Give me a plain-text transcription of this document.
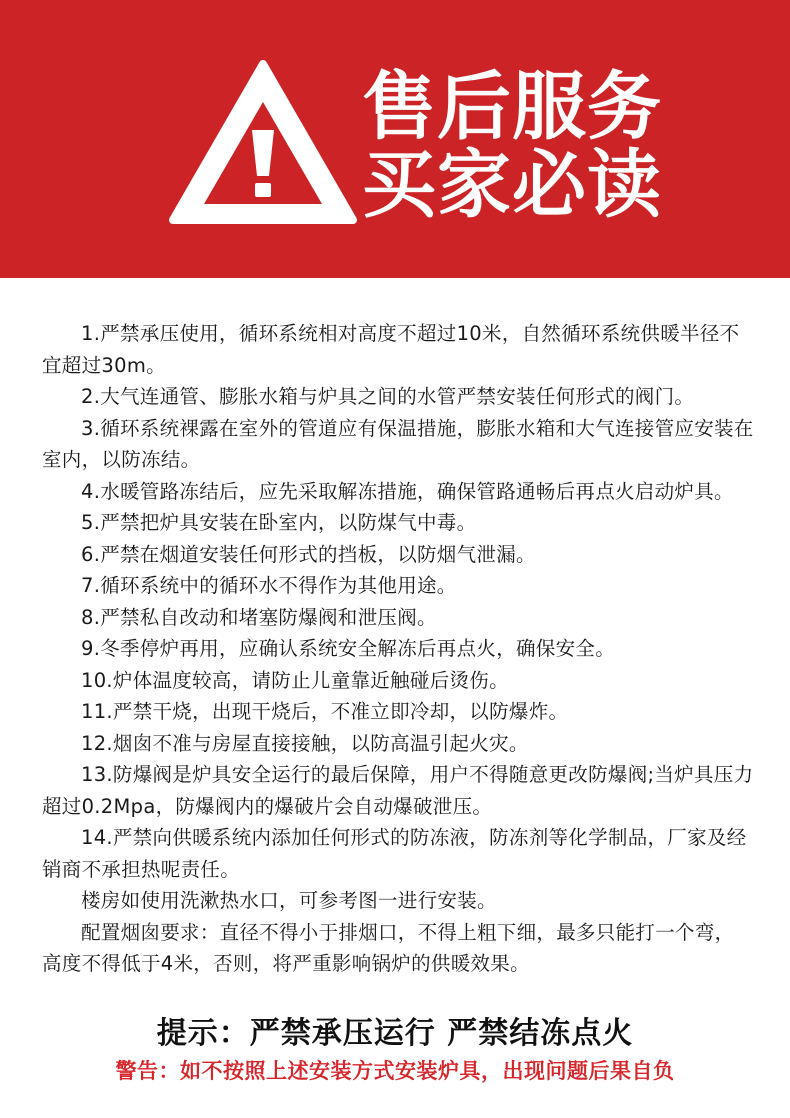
售后服务
买家必读

1.严禁承压使用，循环系统相对高度不超过10米，自然循环系统供暖半径不宜超过30m。

2.大气连通管、膨胀水箱与炉具之间的水管严禁安装任何形式的阀门。

3.循环系统裸露在室外的管道应有保温措施，膨胀水箱和大气连接管应安装在室内，以防冻结。

4.水暖管路冻结后，应先采取解冻措施，确保管路通畅后再点火启动炉具。

5.严禁把炉具安装在卧室内，以防煤气中毒。

6.严禁在烟道安装任何形式的挡板，以防烟气泄漏。

7.循环系统中的循环水不得作为其他用途。

8.严禁私自改动和堵塞防爆阀和泄压阀。

9.冬季停炉再用，应确认系统安全解冻后再点火，确保安全。

10.炉体温度较高，请防止儿童靠近触碰后烫伤。

11.严禁干烧，出现干烧后，不准立即冷却，以防爆炸。

12.烟囱不准与房屋直接接触，以防高温引起火灾。

13.防爆阀是炉具安全运行的最后保障，用户不得随意更改防爆阀;当炉具压力超过0.2Mpa，防爆阀内的爆破片会自动爆破泄压。

14.严禁向供暖系统内添加任何形式的防冻液，防冻剂等化学制品，厂家及经销商不承担热呢责任。

楼房如使用洗漱热水口，可参考图一进行安装。

配置烟囱要求：直径不得小于排烟口，不得上粗下细，最多只能打一个弯，高度不得低于4米，否则，将严重影响锅炉的供暖效果。

提示：严禁承压运行 严禁结冻点火
警告：如不按照上述安装方式安装炉具，出现问题后果自负
